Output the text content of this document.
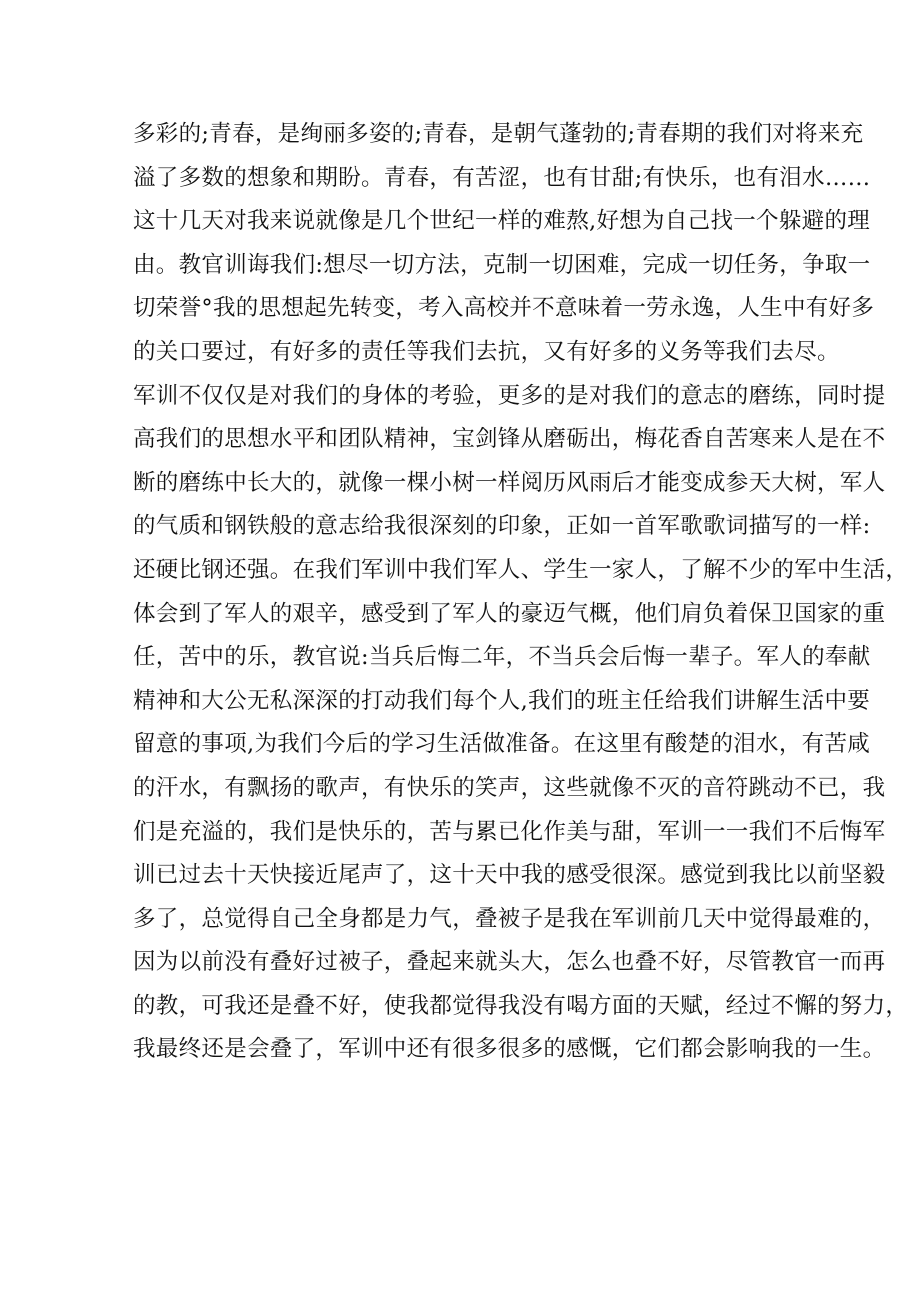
多彩的;青春，是绚丽多姿的;青春，是朝气蓬勃的;青春期的我们对将来充
溢了多数的想象和期盼。青春，有苦涩，也有甘甜;有快乐，也有泪水……
这十几天对我来说就像是几个世纪一样的难熬,好想为自己找一个躲避的理
由。教官训诲我们:想尽一切方法，克制一切困难，完成一切任务，争取一
切荣誉°我的思想起先转变，考入高校并不意味着一劳永逸，人生中有好多
的关口要过，有好多的责任等我们去抗，又有好多的义务等我们去尽。
军训不仅仅是对我们的身体的考验，更多的是对我们的意志的磨练，同时提
高我们的思想水平和团队精神，宝剑锋从磨砺出，梅花香自苦寒来人是在不
断的磨练中长大的，就像一棵小树一样阅历风雨后才能变成参天大树，军人
的气质和钢铁般的意志给我很深刻的印象，正如一首军歌歌词描写的一样:
还硬比钢还强。在我们军训中我们军人、学生一家人，了解不少的军中生活，
体会到了军人的艰辛，感受到了军人的豪迈气概，他们肩负着保卫国家的重
任，苦中的乐，教官说:当兵后悔二年，不当兵会后悔一辈子。军人的奉献
精神和大公无私深深的打动我们每个人,我们的班主任给我们讲解生活中要
留意的事项,为我们今后的学习生活做准备。在这里有酸楚的泪水，有苦咸
的汗水，有飘扬的歌声，有快乐的笑声，这些就像不灭的音符跳动不已，我
们是充溢的，我们是快乐的，苦与累已化作美与甜，军训一一我们不后悔军
训已过去十天快接近尾声了，这十天中我的感受很深。感觉到我比以前坚毅
多了，总觉得自己全身都是力气，叠被子是我在军训前几天中觉得最难的，
因为以前没有叠好过被子，叠起来就头大，怎么也叠不好，尽管教官一而再
的教，可我还是叠不好，使我都觉得我没有喝方面的天赋，经过不懈的努力，
我最终还是会叠了，军训中还有很多很多的感慨，它们都会影响我的一生。
